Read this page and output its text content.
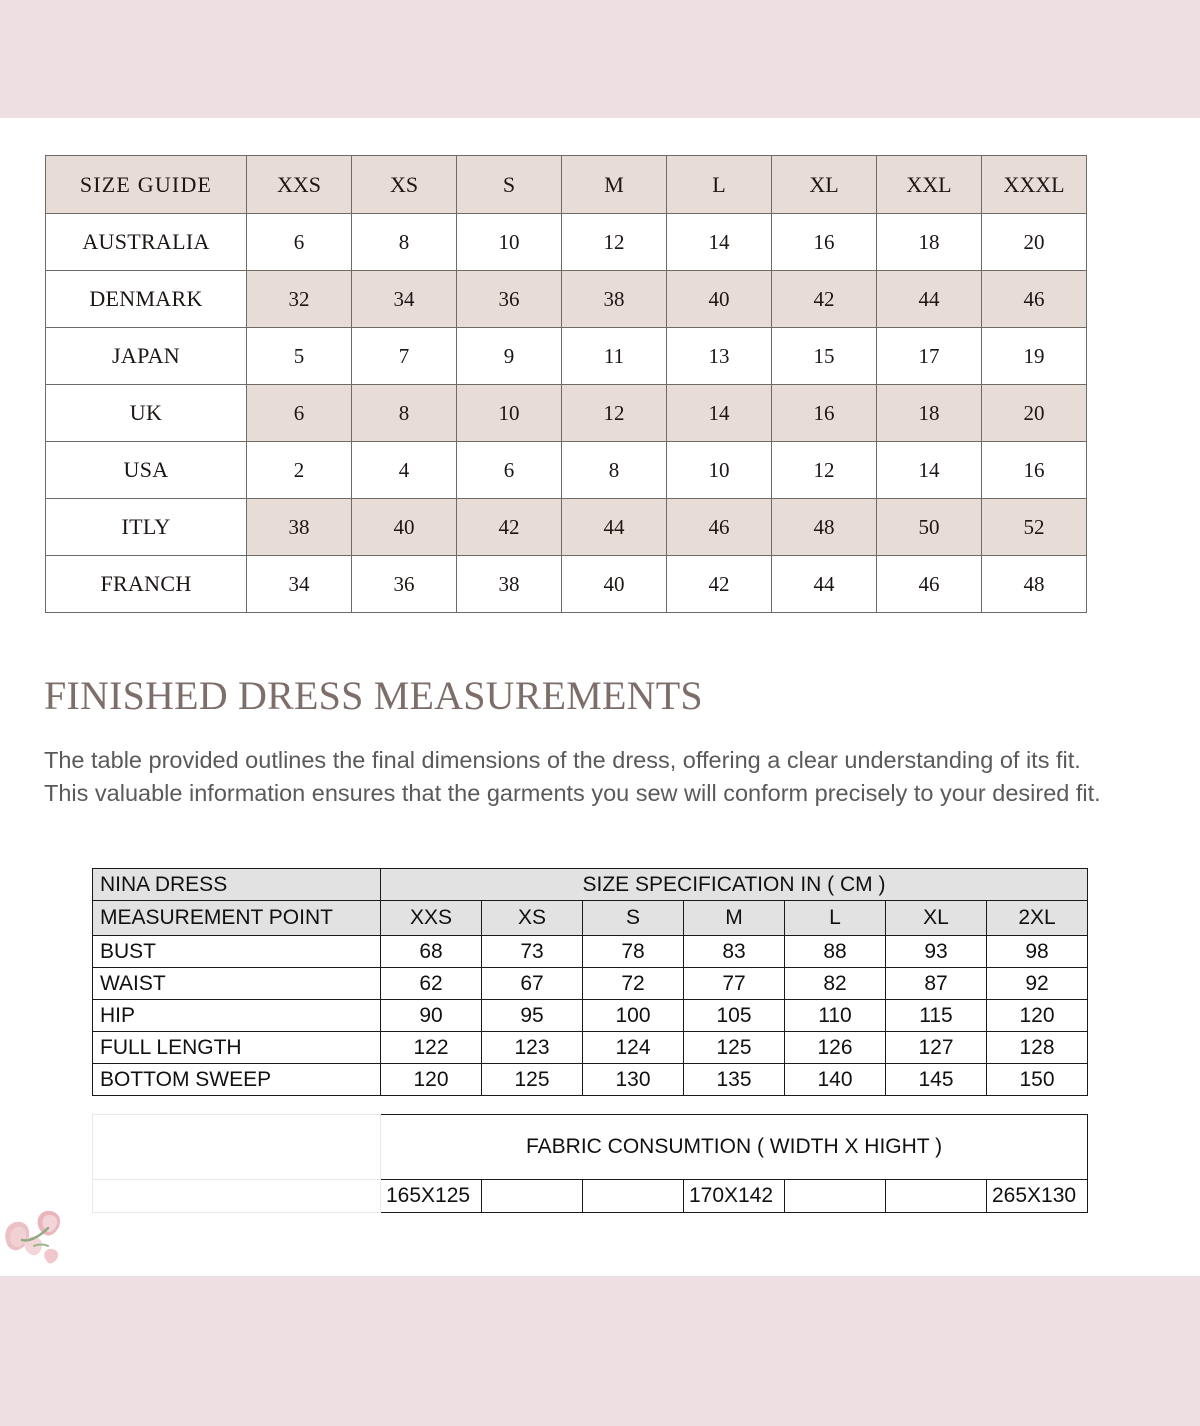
SIZE GUIDE	XXS	XS	S	M	L	XL	XXL	XXXL
AUSTRALIA	6	8	10	12	14	16	18	20
DENMARK	32	34	36	38	40	42	44	46
JAPAN	5	7	9	11	13	15	17	19
UK	6	8	10	12	14	16	18	20
USA	2	4	6	8	10	12	14	16
ITLY	38	40	42	44	46	48	50	52
FRANCH	34	36	38	40	42	44	46	48
FINISHED DRESS MEASUREMENTS
The table provided outlines the final dimensions of the dress, offering a clear understanding of its fit.
This valuable information ensures that the garments you sew will conform precisely to your desired fit.
NINA DRESS	SIZE SPECIFICATION IN ( CM )						
MEASUREMENT POINT	XXS	XS	S	M	L	XL	2XL
BUST	68	73	78	83	88	93	98
WAIST	62	67	72	77	82	87	92
HIP	90	95	100	105	110	115	120
FULL LENGTH	122	123	124	125	126	127	128
BOTTOM SWEEP	120	125	130	135	140	145	150
	FABRIC CONSUMTION ( WIDTH X HIGHT )						
	165X125			170X142			265X130
